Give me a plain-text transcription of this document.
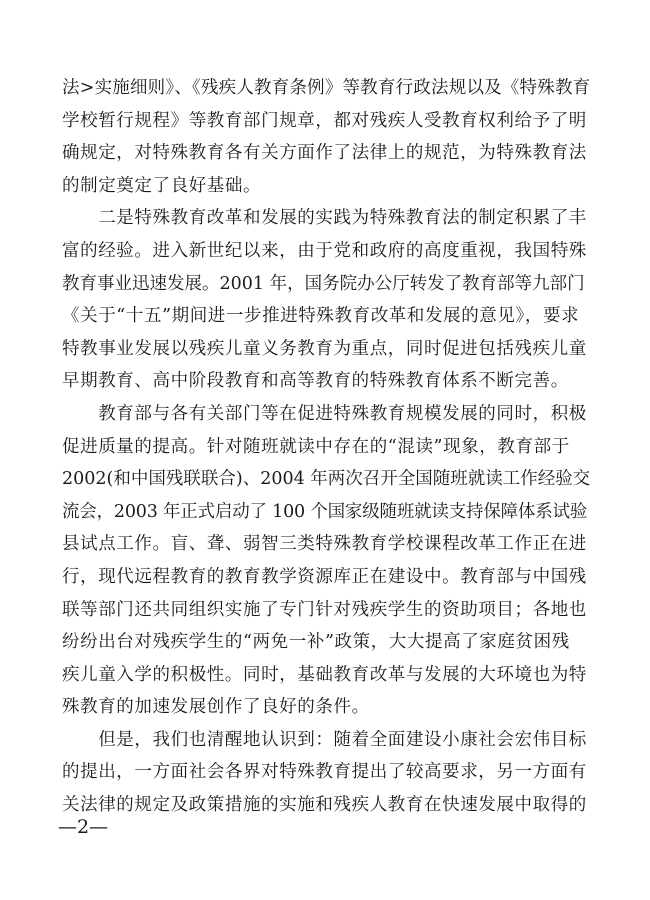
法>实施细则》、《残疾人教育条例》等教育行政法规以及《特殊教育
学校暂行规程》等教育部门规章，都对残疾人受教育权利给予了明
确规定，对特殊教育各有关方面作了法律上的规范，为特殊教育法
的制定奠定了良好基础。

　　二是特殊教育改革和发展的实践为特殊教育法的制定积累了丰
富的经验。进入新世纪以来，由于党和政府的高度重视，我国特殊
教育事业迅速发展。2001 年，国务院办公厅转发了教育部等九部门
《关于“十五”期间进一步推进特殊教育改革和发展的意见》，要求
特教事业发展以残疾儿童义务教育为重点，同时促进包括残疾儿童
早期教育、高中阶段教育和高等教育的特殊教育体系不断完善。

　　教育部与各有关部门等在促进特殊教育规模发展的同时，积极
促进质量的提高。针对随班就读中存在的“混读”现象，教育部于
2002(和中国残联联合)、2004 年两次召开全国随班就读工作经验交
流会，2003 年正式启动了 100 个国家级随班就读支持保障体系试验
县试点工作。盲、聋、弱智三类特殊教育学校课程改革工作正在进
行，现代远程教育的教育教学资源库正在建设中。教育部与中国残
联等部门还共同组织实施了专门针对残疾学生的资助项目；各地也
纷纷出台对残疾学生的“两免一补”政策，大大提高了家庭贫困残
疾儿童入学的积极性。同时，基础教育改革与发展的大环境也为特
殊教育的加速发展创作了良好的条件。

　　但是，我们也清醒地认识到：随着全面建设小康社会宏伟目标
的提出，一方面社会各界对特殊教育提出了较高要求，另一方面有
关法律的规定及政策措施的实施和残疾人教育在快速发展中取得的

—2—
